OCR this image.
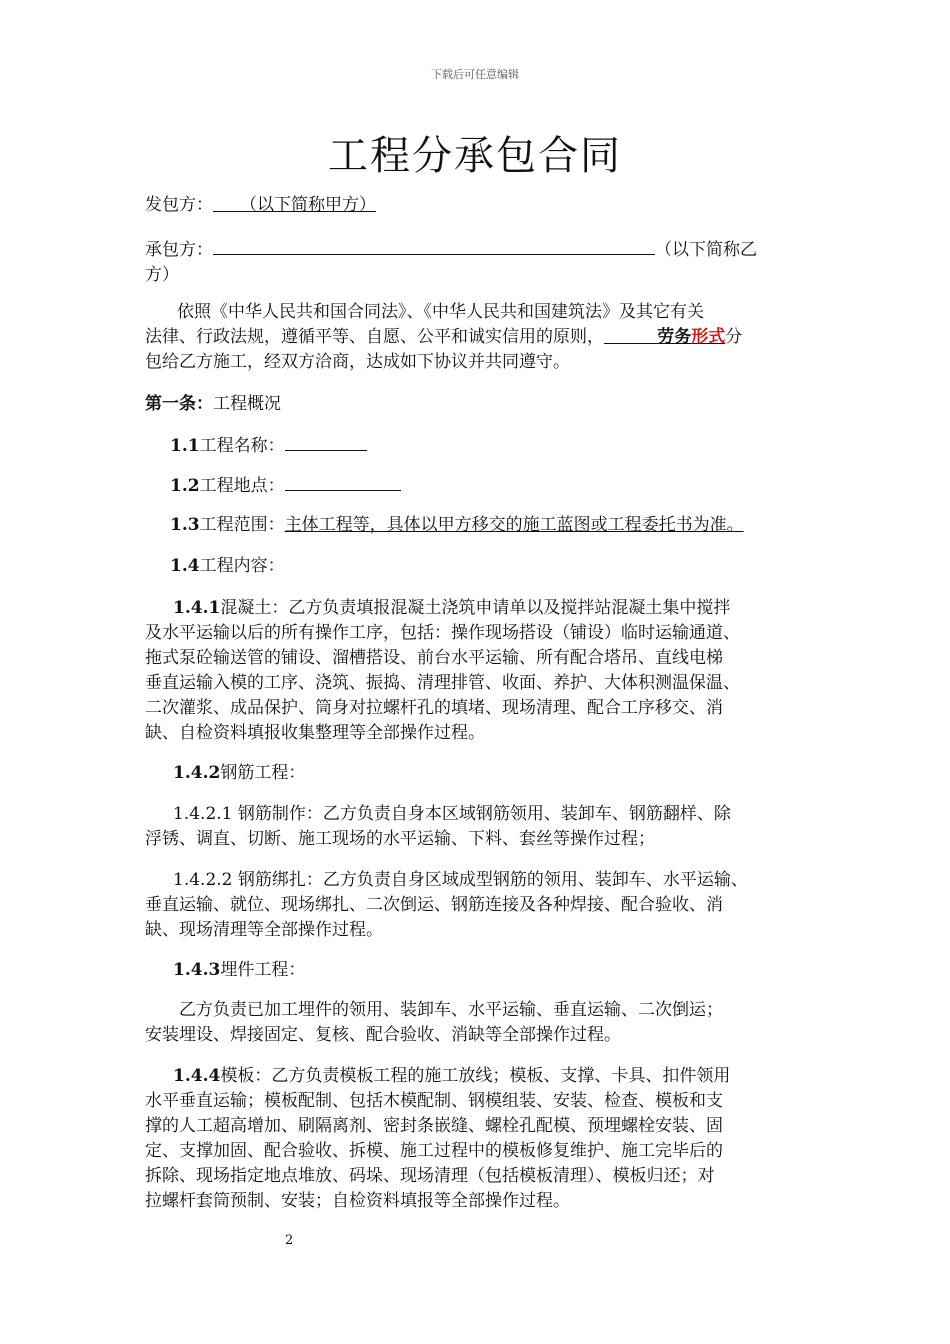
下载后可任意编辑
工程分承包合同

发包方： （以下简称甲方）

承包方：	（以下简称乙
方）

依照《中华人民共和国合同法》、《中华人民共和国建筑法》及其它有关
法律、行政法规，遵循平等、自愿、公平和诚实信用的原则，	劳务形式分
包给乙方施工，经双方洽商，达成如下协议并共同遵守。

第一条：工程概况

1.1工程名称：

1.2工程地点：

1.3工程范围：主体工程等，具体以甲方移交的施工蓝图或工程委托书为准。

1.4工程内容：

1.4.1混凝土：乙方负责填报混凝土浇筑申请单以及搅拌站混凝土集中搅拌
及水平运输以后的所有操作工序，包括：操作现场搭设（铺设）临时运输通道、
拖式泵砼输送管的铺设、溜槽搭设、前台水平运输、所有配合塔吊、直线电梯
垂直运输入模的工序、浇筑、振捣、清理排管、收面、养护、大体积测温保温、
二次灌浆、成品保护、筒身对拉螺杆孔的填堵、现场清理、配合工序移交、消
缺、自检资料填报收集整理等全部操作过程。

1.4.2钢筋工程：

1.4.2.1 钢筋制作：乙方负责自身本区域钢筋领用、装卸车、钢筋翻样、除
浮锈、调直、切断、施工现场的水平运输、下料、套丝等操作过程；

1.4.2.2 钢筋绑扎：乙方负责自身区域成型钢筋的领用、装卸车、水平运输、
垂直运输、就位、现场绑扎、二次倒运、钢筋连接及各种焊接、配合验收、消
缺、现场清理等全部操作过程。

1.4.3埋件工程：

乙方负责已加工埋件的领用、装卸车、水平运输、垂直运输、二次倒运；
安装埋设、焊接固定、复核、配合验收、消缺等全部操作过程。

1.4.4模板：乙方负责模板工程的施工放线；模板、支撑、卡具、扣件领用
水平垂直运输；模板配制、包括木模配制、钢模组装、安装、检查、模板和支
撑的人工超高增加、刷隔离剂、密封条嵌缝、螺栓孔配模、预埋螺栓安装、固
定、支撑加固、配合验收、拆模、施工过程中的模板修复维护、施工完毕后的
拆除、现场指定地点堆放、码垛、现场清理（包括模板清理）、模板归还；对
拉螺杆套筒预制、安装；自检资料填报等全部操作过程。

2
